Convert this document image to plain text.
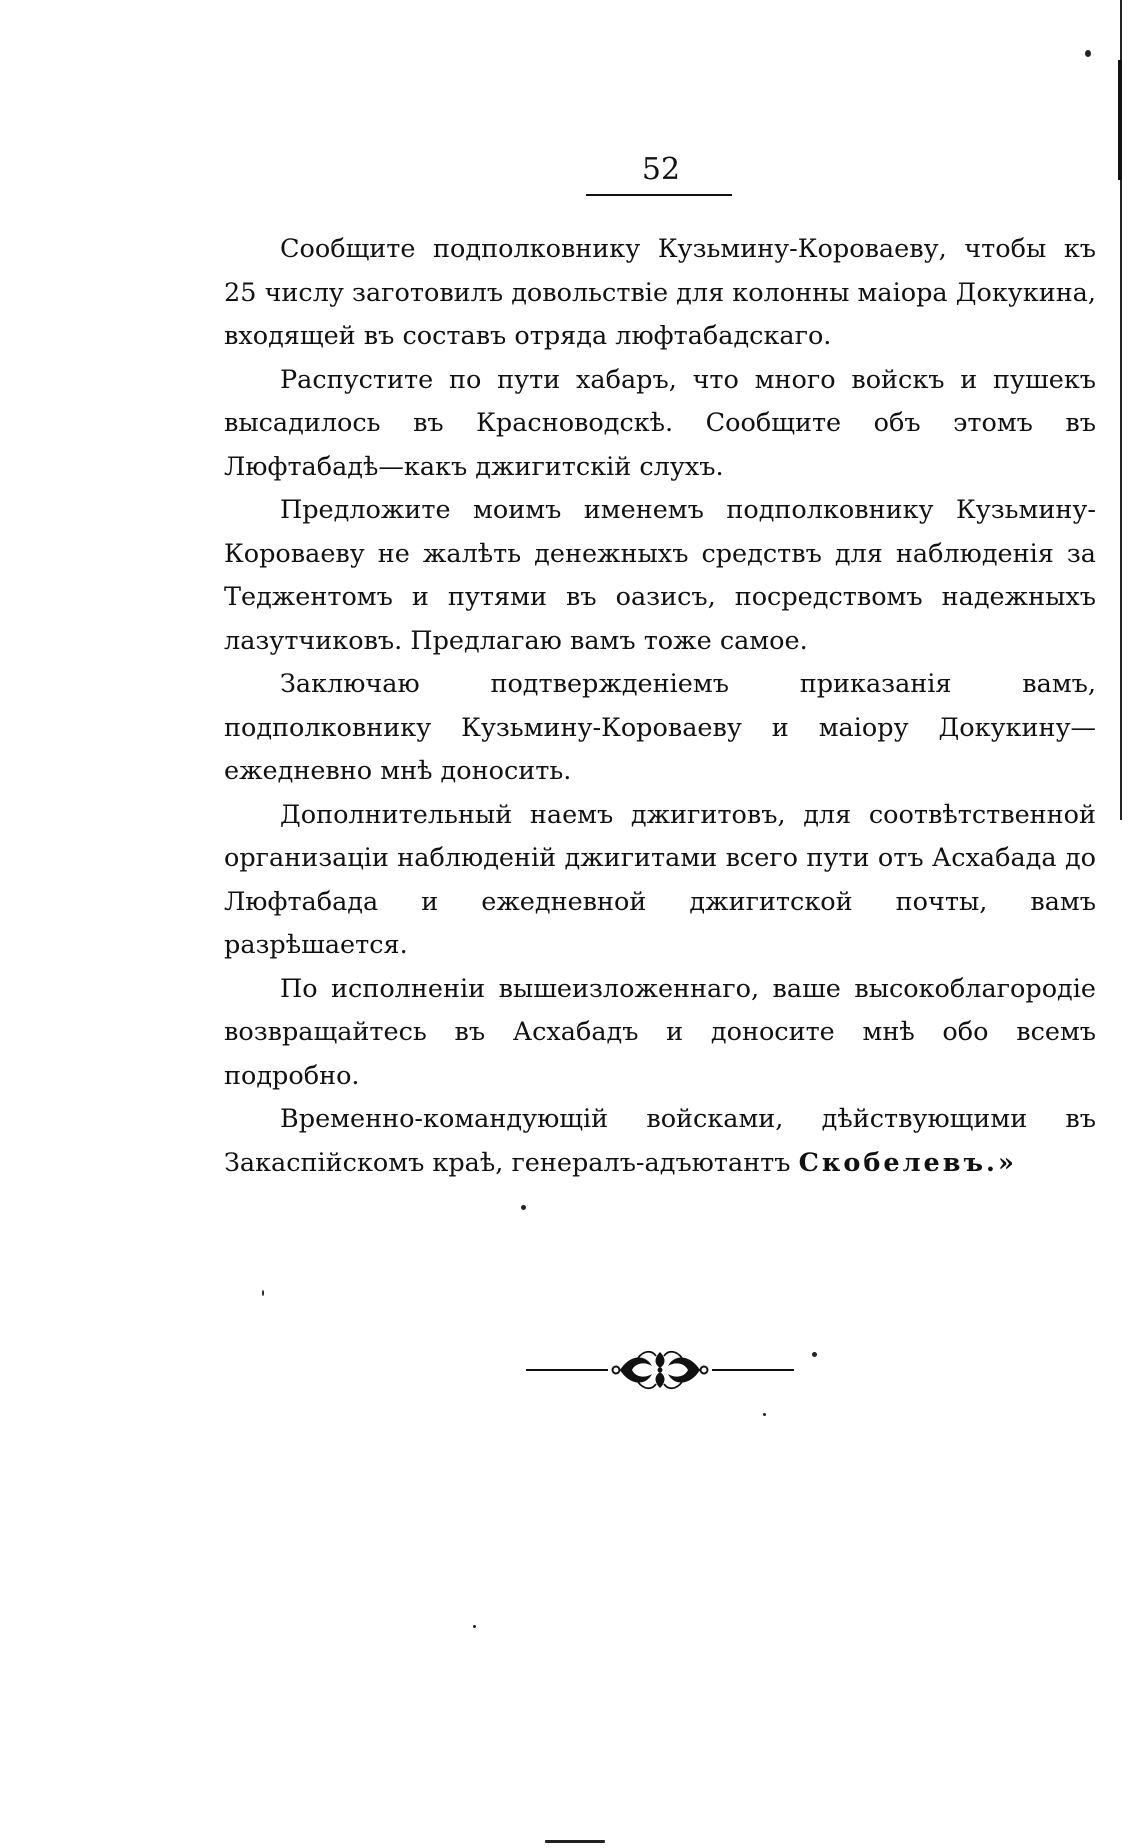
52

Сообщите подполковнику Кузьмину-Короваеву, чтобы къ 25 числу заготовилъ довольствіе для колонны маіора Докукина, входящей въ составъ отряда люфтабадскаго.

Распустите по пути хабаръ, что много войскъ и пушекъ высадилось въ Красноводскѣ. Сообщите объ этомъ въ Люфтабадѣ—какъ джигитскій слухъ.

Предложите моимъ именемъ подполковнику Кузьмину-Короваеву не жалѣть денежныхъ средствъ для наблюденія за Теджентомъ и путями въ оазисъ, посредствомъ надежныхъ лазутчиковъ. Предлагаю вамъ тоже самое.

Заключаю подтвержденіемъ приказанія вамъ, подполковнику Кузьмину-Короваеву и маіору Докукину—ежедневно мнѣ доносить.

Дополнительный наемъ джигитовъ, для соотвѣтственной организаціи наблюденій джигитами всего пути отъ Асхабада до Люфтабада и ежедневной джигитской почты, вамъ разрѣшается.

По исполненіи вышеизложеннаго, ваше высокоблагородіе возвращайтесь въ Асхабадъ и доносите мнѣ обо всемъ подробно.

Временно-командующій войсками, дѣйствующими въ Закаспійскомъ краѣ, генералъ-адъютантъ Скобелевъ.»
